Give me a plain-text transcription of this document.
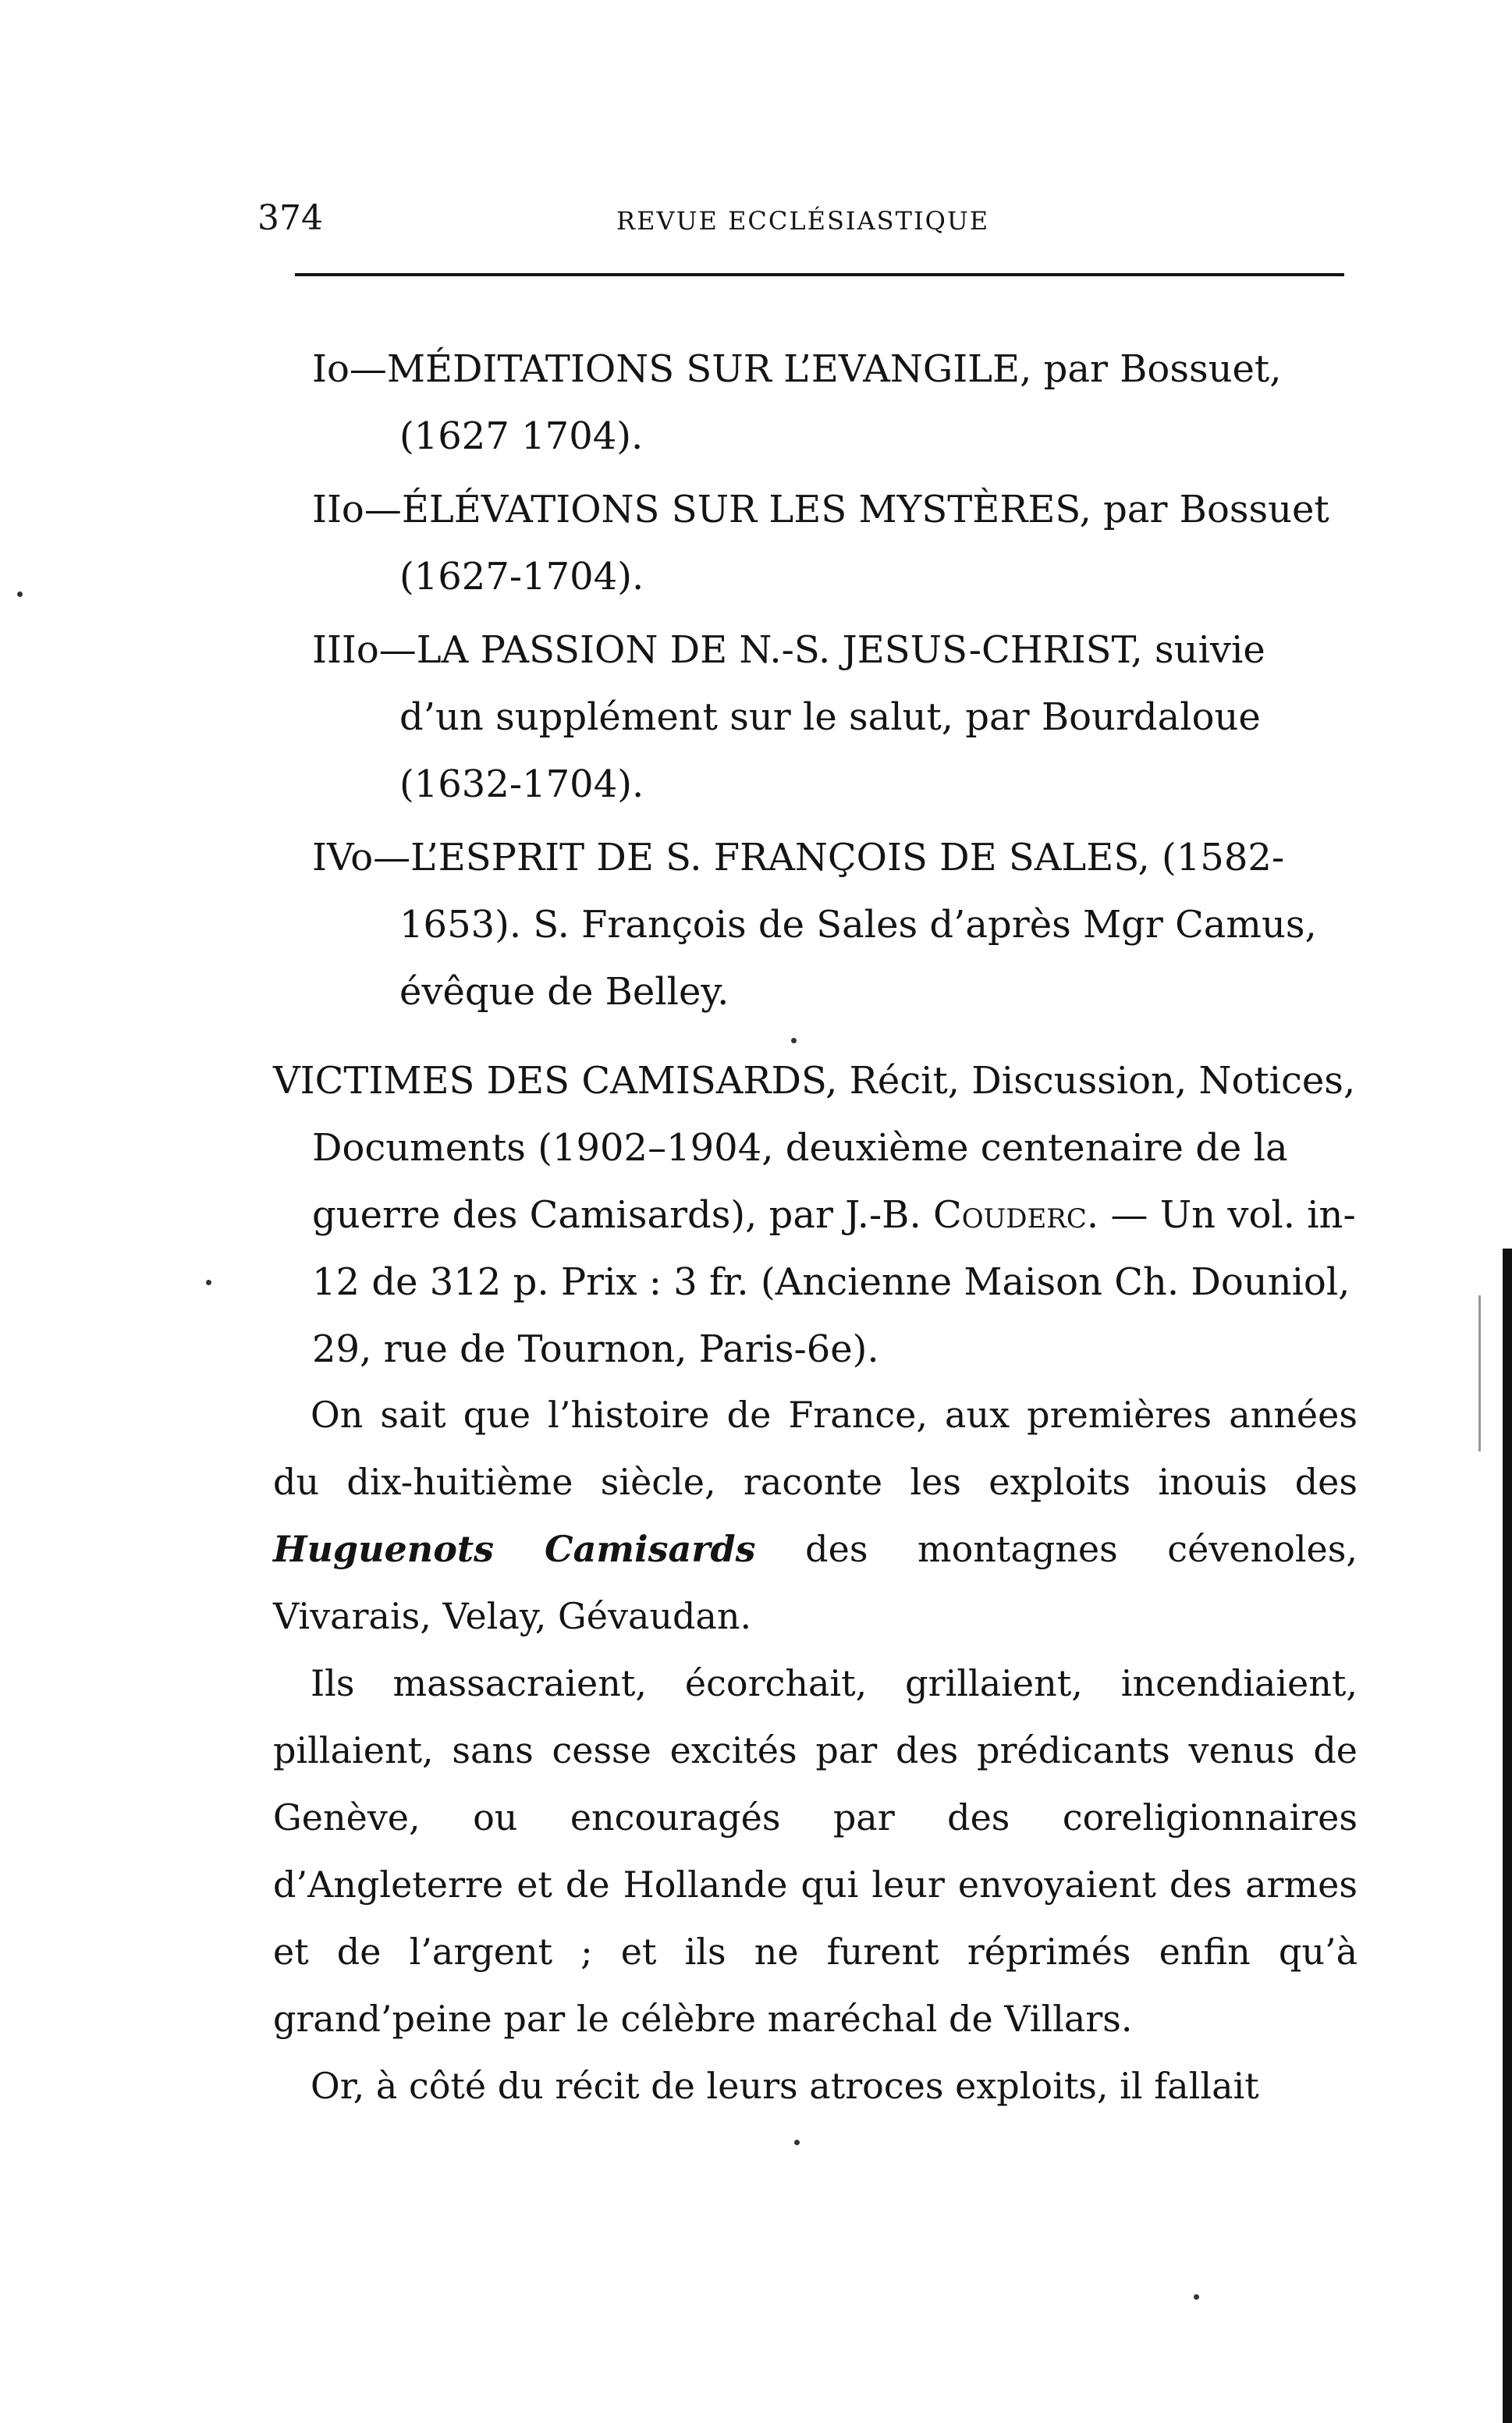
374	REVUE ECCLÉSIASTIQUE
Io—MÉDITATIONS SUR L’EVANGILE, par Bossuet, (1627 1704).
IIo—ÉLÉVATIONS SUR LES MYSTÈRES, par Bossuet (1627-1704).
IIIo—LA PASSION DE N.-S. JESUS-CHRIST, suivie d’un supplément sur le salut, par Bourdaloue (1632-1704).
IVo—L’ESPRIT DE S. FRANÇOIS DE SALES, (1582-1653). S. François de Sales d’après Mgr Camus, évêque de Belley.
VICTIMES DES CAMISARDS, Récit, Discussion, Notices, Documents (1902–1904, deuxième centenaire de la guerre des Camisards), par J.-B. Couderc. — Un vol. in-12 de 312 p. Prix : 3 fr. (Ancienne Maison Ch. Douniol, 29, rue de Tournon, Paris-6e).

On sait que l’histoire de France, aux premières années du dix-huitième siècle, raconte les exploits inouis des Huguenots Camisards des montagnes cévenoles, Vivarais, Velay, Gévaudan.

Ils massacraient, écorchait, grillaient, incendiaient, pillaient, sans cesse excités par des prédicants venus de Genève, ou encouragés par des coreligionnaires d’Angleterre et de Hollande qui leur envoyaient des armes et de l’argent ; et ils ne furent réprimés enfin qu’à grand’peine par le célèbre maréchal de Villars.

Or, à côté du récit de leurs atroces exploits, il fallait
